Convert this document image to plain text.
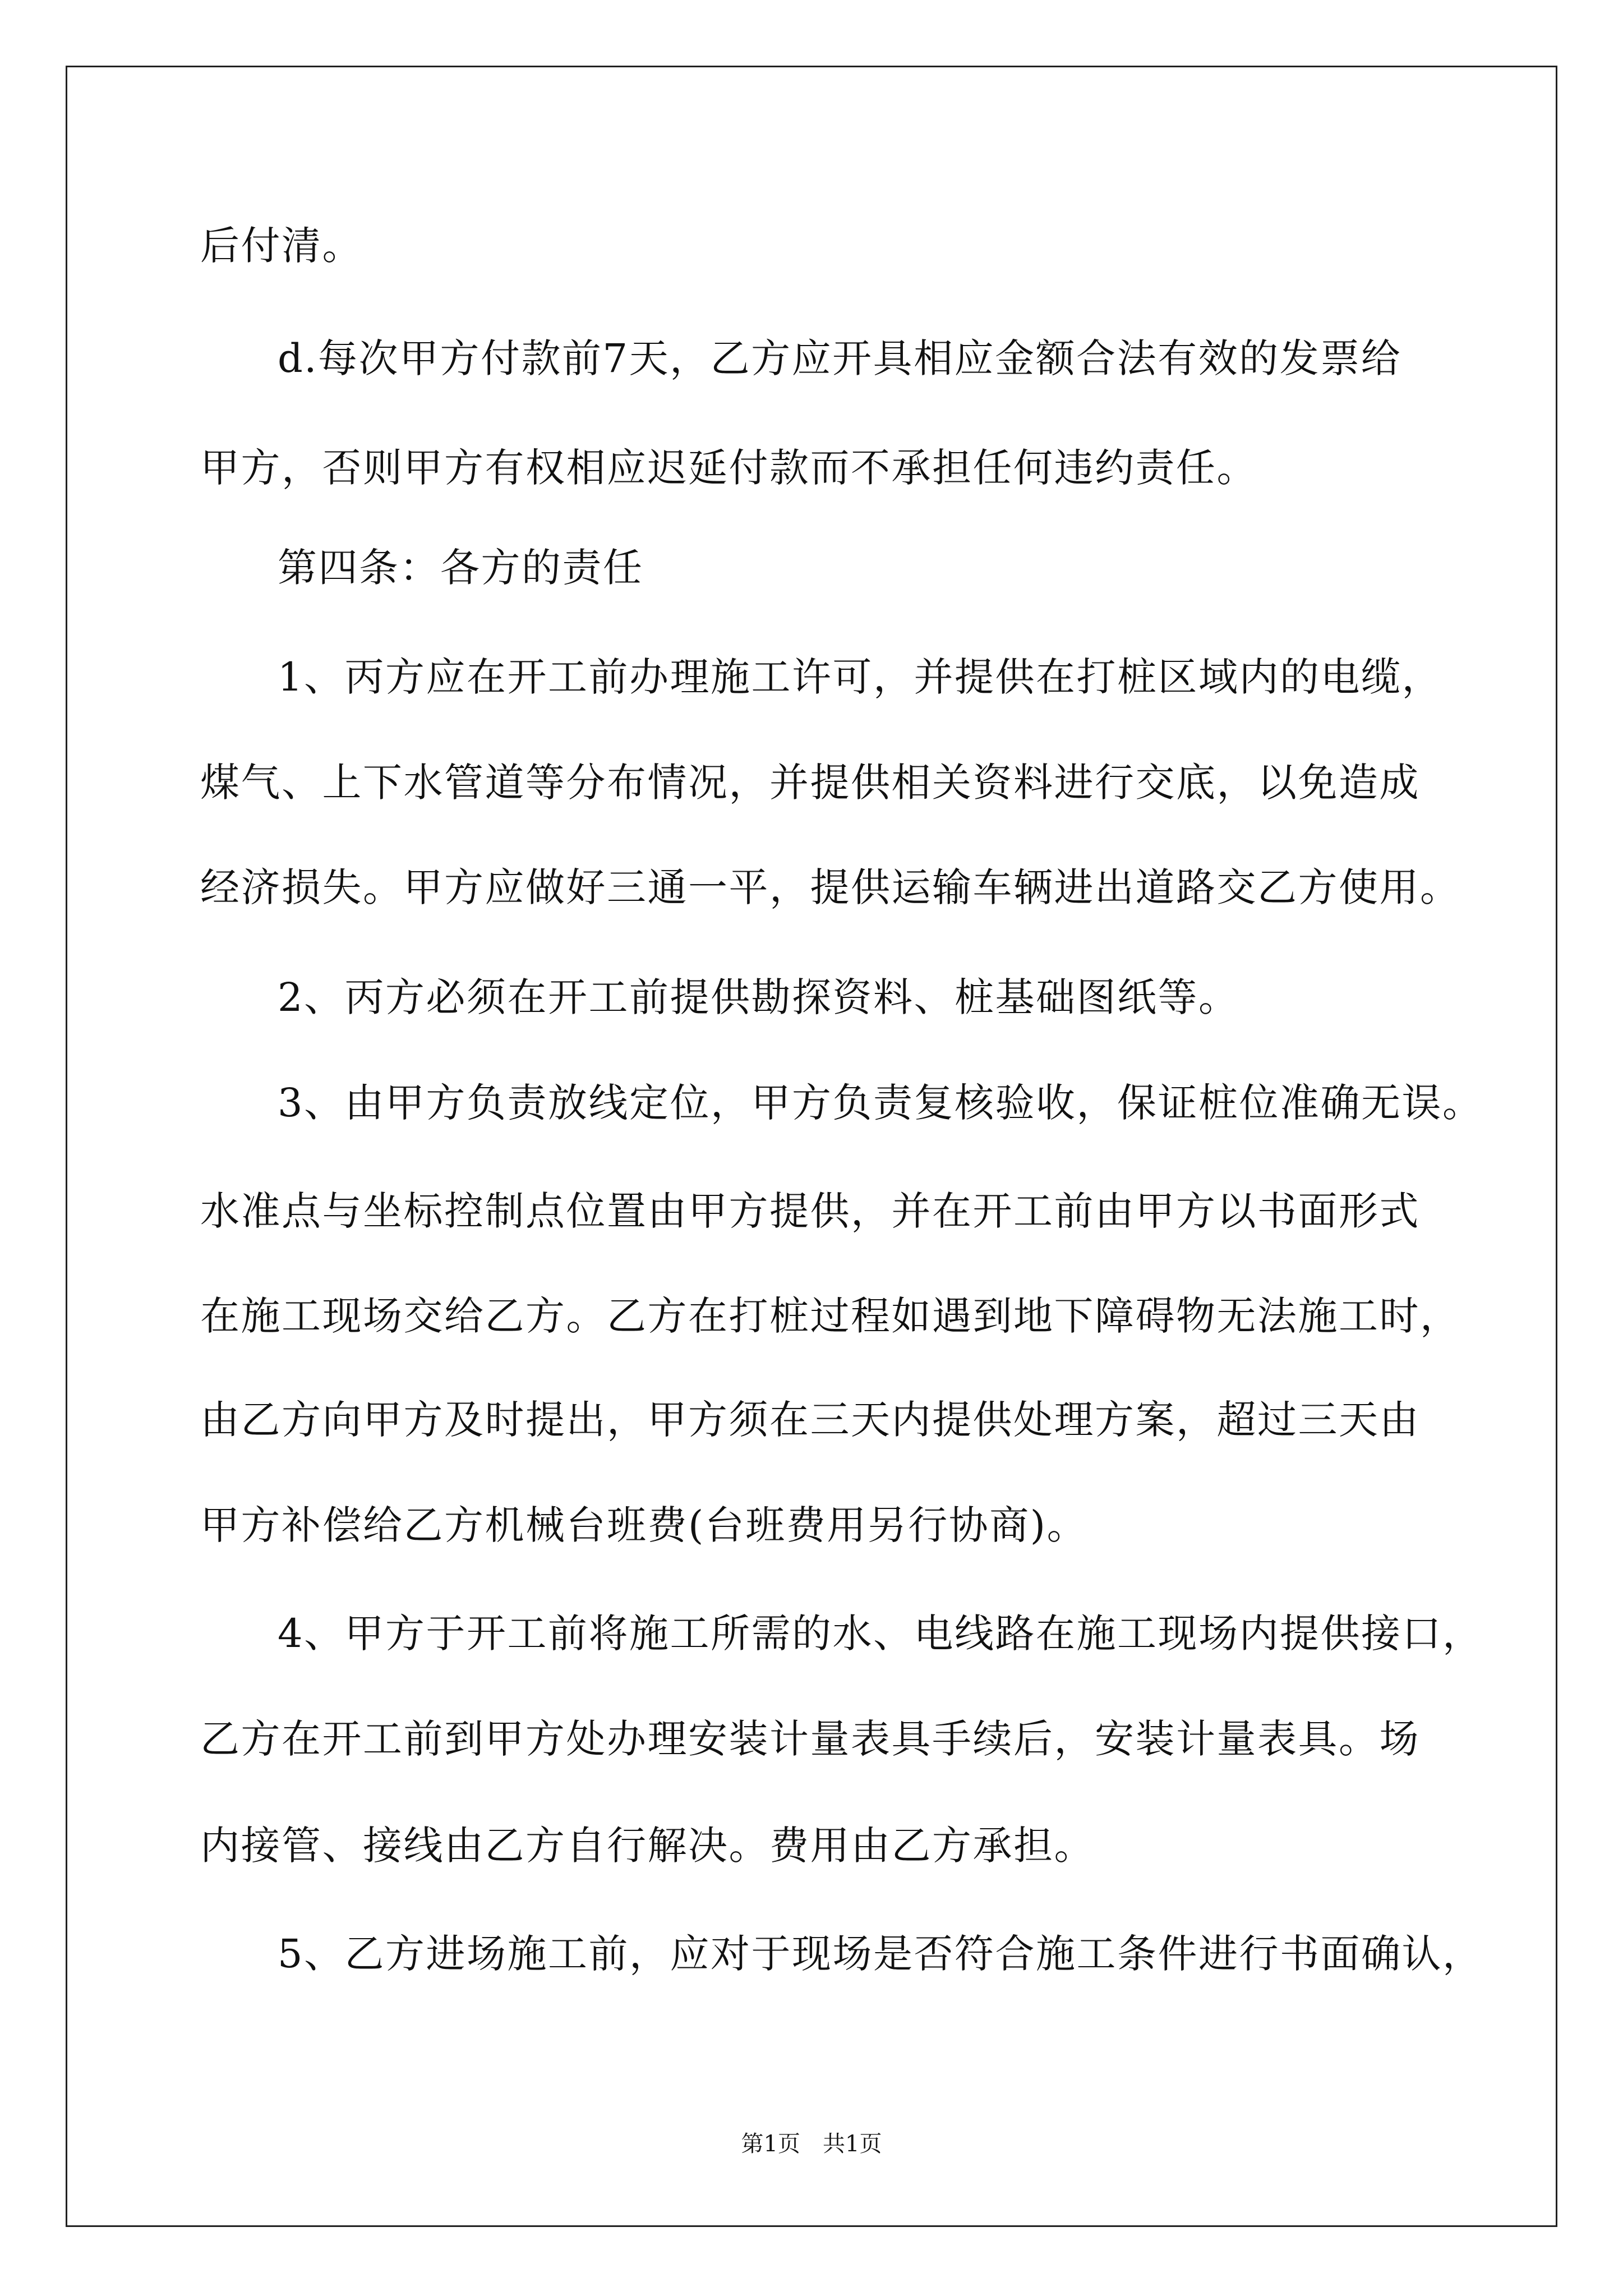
后付清。
d.每次甲方付款前7天，乙方应开具相应金额合法有效的发票给
甲方，否则甲方有权相应迟延付款而不承担任何违约责任。
第四条：各方的责任
1、丙方应在开工前办理施工许可，并提供在打桩区域内的电缆，
煤气、上下水管道等分布情况，并提供相关资料进行交底，以免造成
经济损失。甲方应做好三通一平，提供运输车辆进出道路交乙方使用。
2、丙方必须在开工前提供勘探资料、桩基础图纸等。
3、由甲方负责放线定位，甲方负责复核验收，保证桩位准确无误。
水准点与坐标控制点位置由甲方提供，并在开工前由甲方以书面形式
在施工现场交给乙方。乙方在打桩过程如遇到地下障碍物无法施工时，
由乙方向甲方及时提出，甲方须在三天内提供处理方案，超过三天由
甲方补偿给乙方机械台班费(台班费用另行协商)。
4、甲方于开工前将施工所需的水、电线路在施工现场内提供接口，
乙方在开工前到甲方处办理安装计量表具手续后，安装计量表具。场
内接管、接线由乙方自行解决。费用由乙方承担。
5、乙方进场施工前，应对于现场是否符合施工条件进行书面确认，
第1页　共1页
